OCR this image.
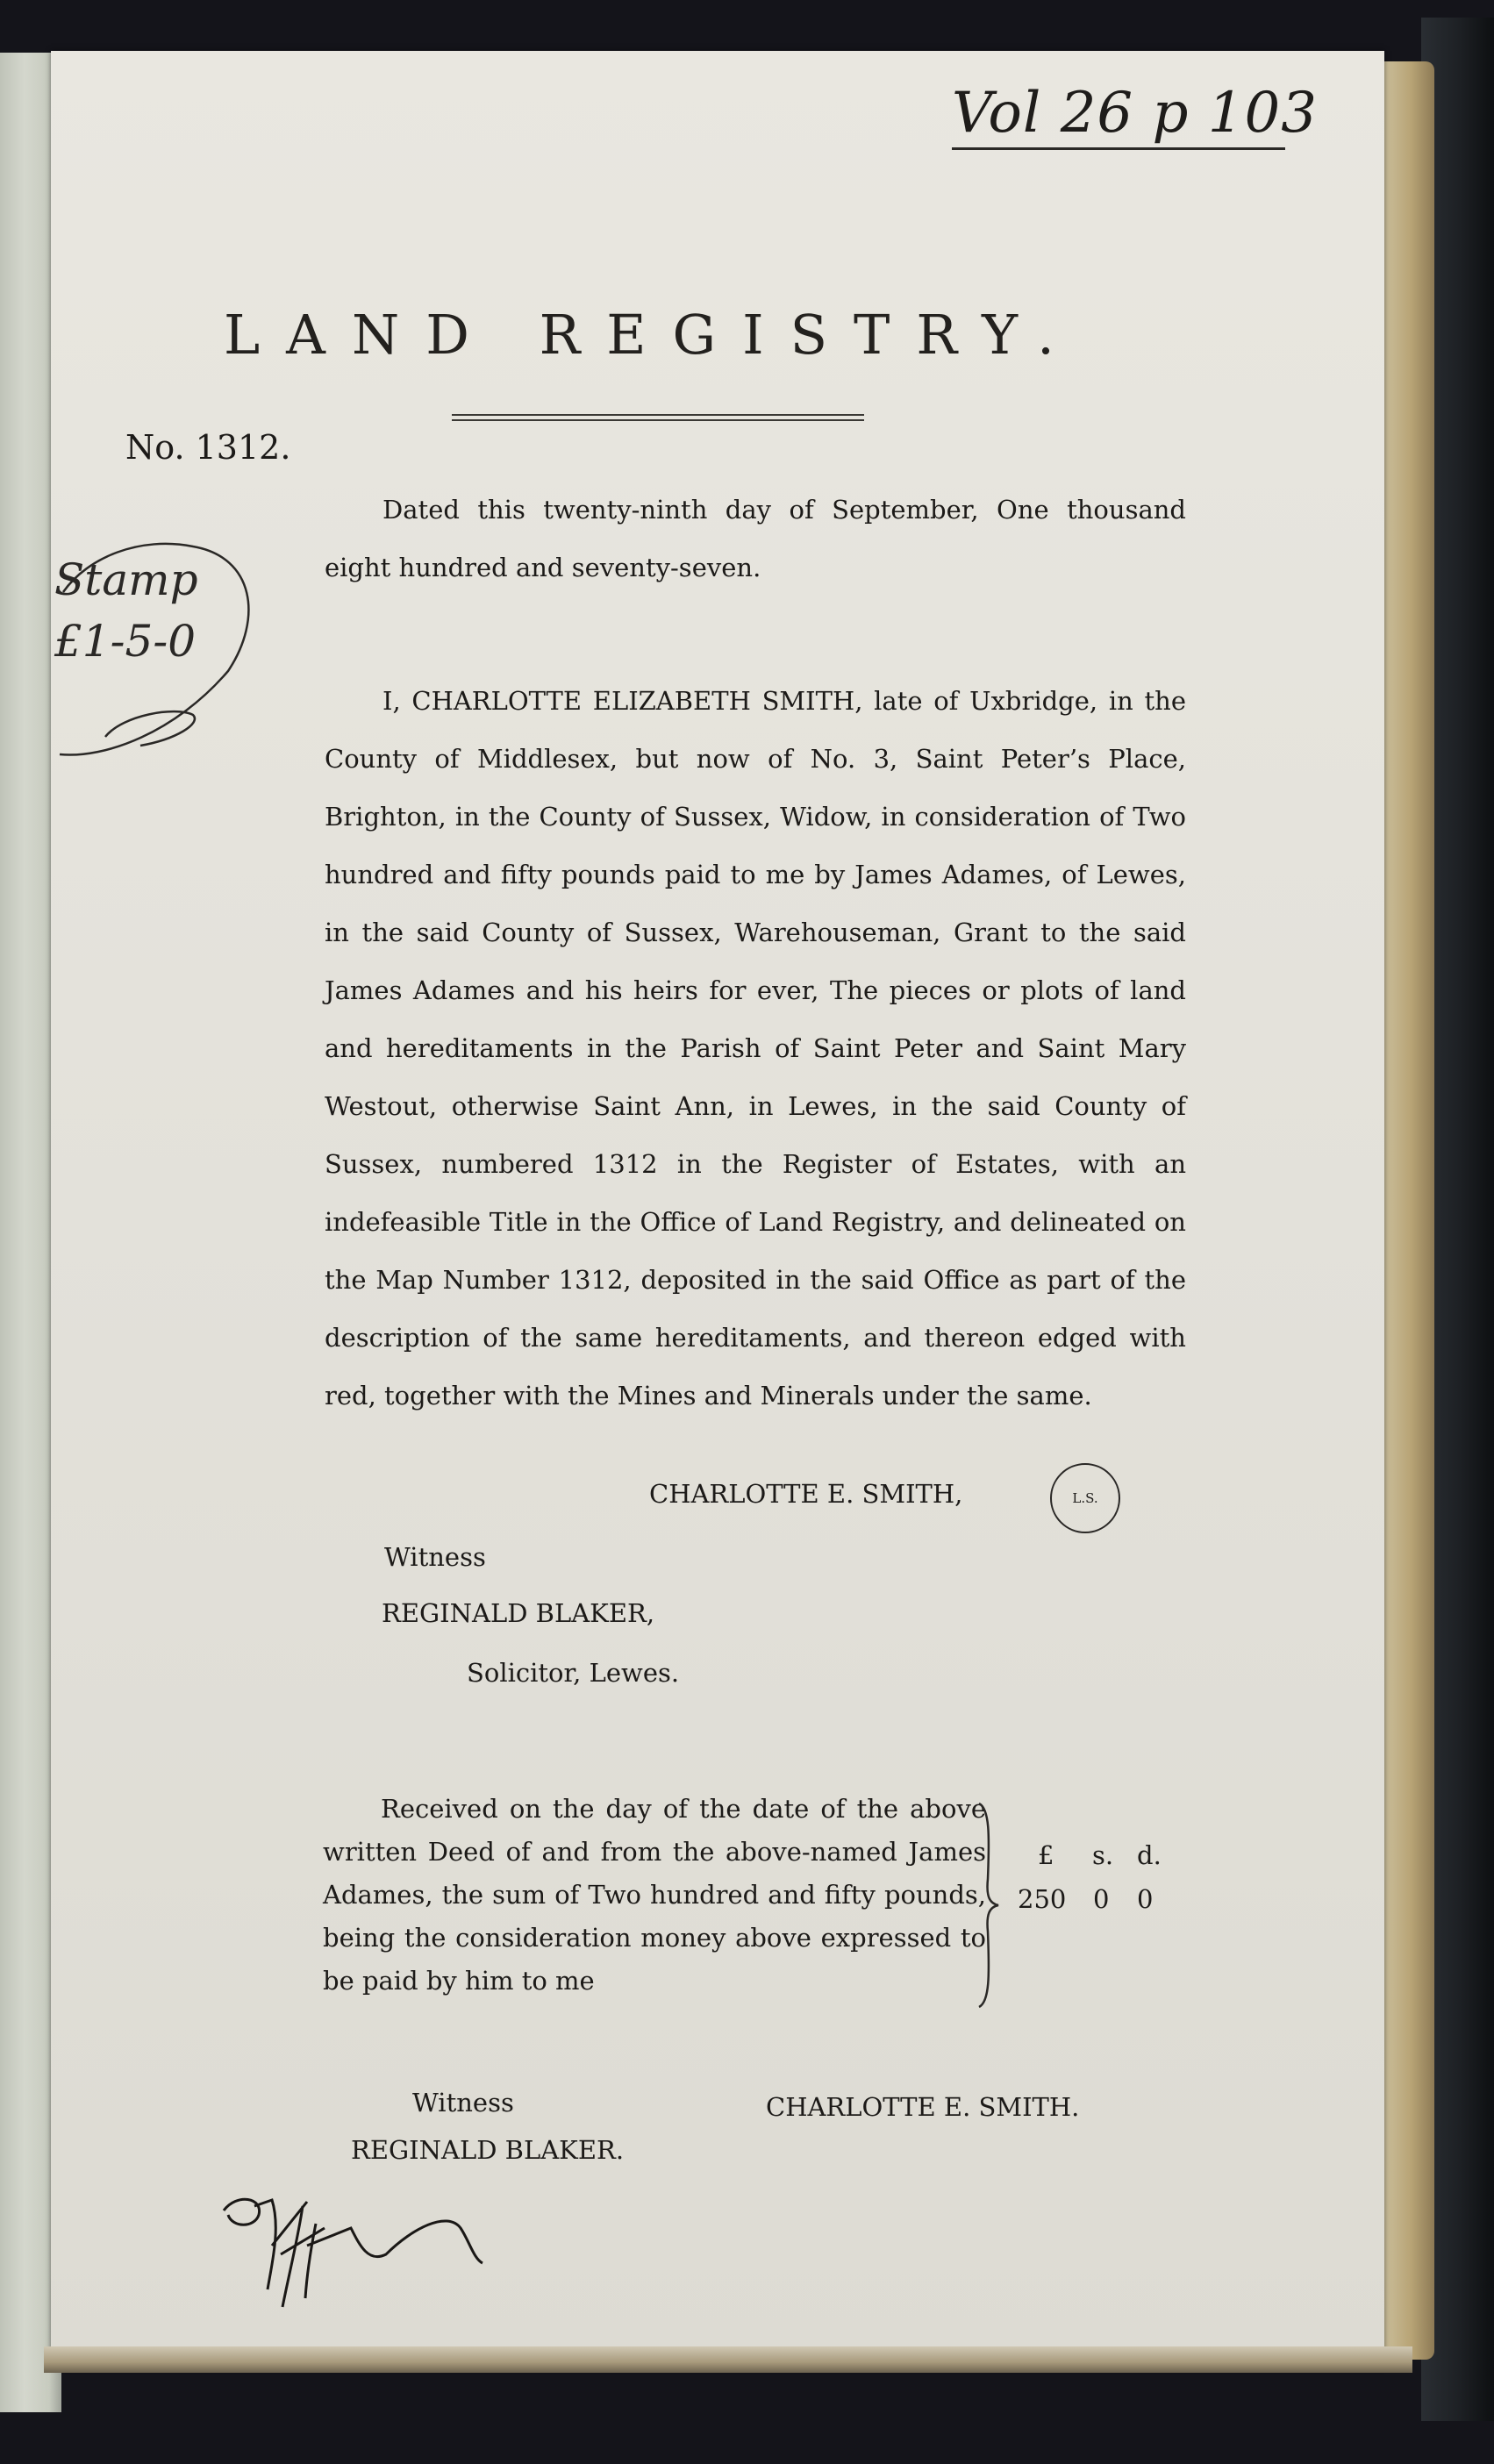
Vol 26 p 103
LAND REGISTRY.
No. 1312.
Stamp
£1-5-0
Dated this twenty-ninth day of September, One thousand eight hundred and seventy-seven.
I, CHARLOTTE ELIZABETH SMITH, late of Uxbridge, in the County of Middlesex, but now of No. 3, Saint Peter’s Place, Brighton, in the County of Sussex, Widow, in consideration of Two hundred and fifty pounds paid to me by James Adames, of Lewes, in the said County of Sussex, Warehouseman, Grant to the said James Adames and his heirs for ever, The pieces or plots of land and hereditaments in the Parish of Saint Peter and Saint Mary Westout, otherwise Saint Ann, in Lewes, in the said County of Sussex, numbered 1312 in the Register of Estates, with an indefeasible Title in the Office of Land Registry, and delineated on the Map Number 1312, deposited in the said Office as part of the description of the same hereditaments, and thereon edged with red, together with the Mines and Minerals under the same.
CHARLOTTE E. SMITH,	L.S.
Witness
REGINALD BLAKER,
Solicitor, Lewes.
Received on the day of the date of the above written Deed of and from the above-named James Adames, the sum of Two hundred and fifty pounds, being the consideration money above expressed to be paid by him to me
£ s. d.
250 0 0
Witness
REGINALD BLAKER.
CHARLOTTE E. SMITH.
